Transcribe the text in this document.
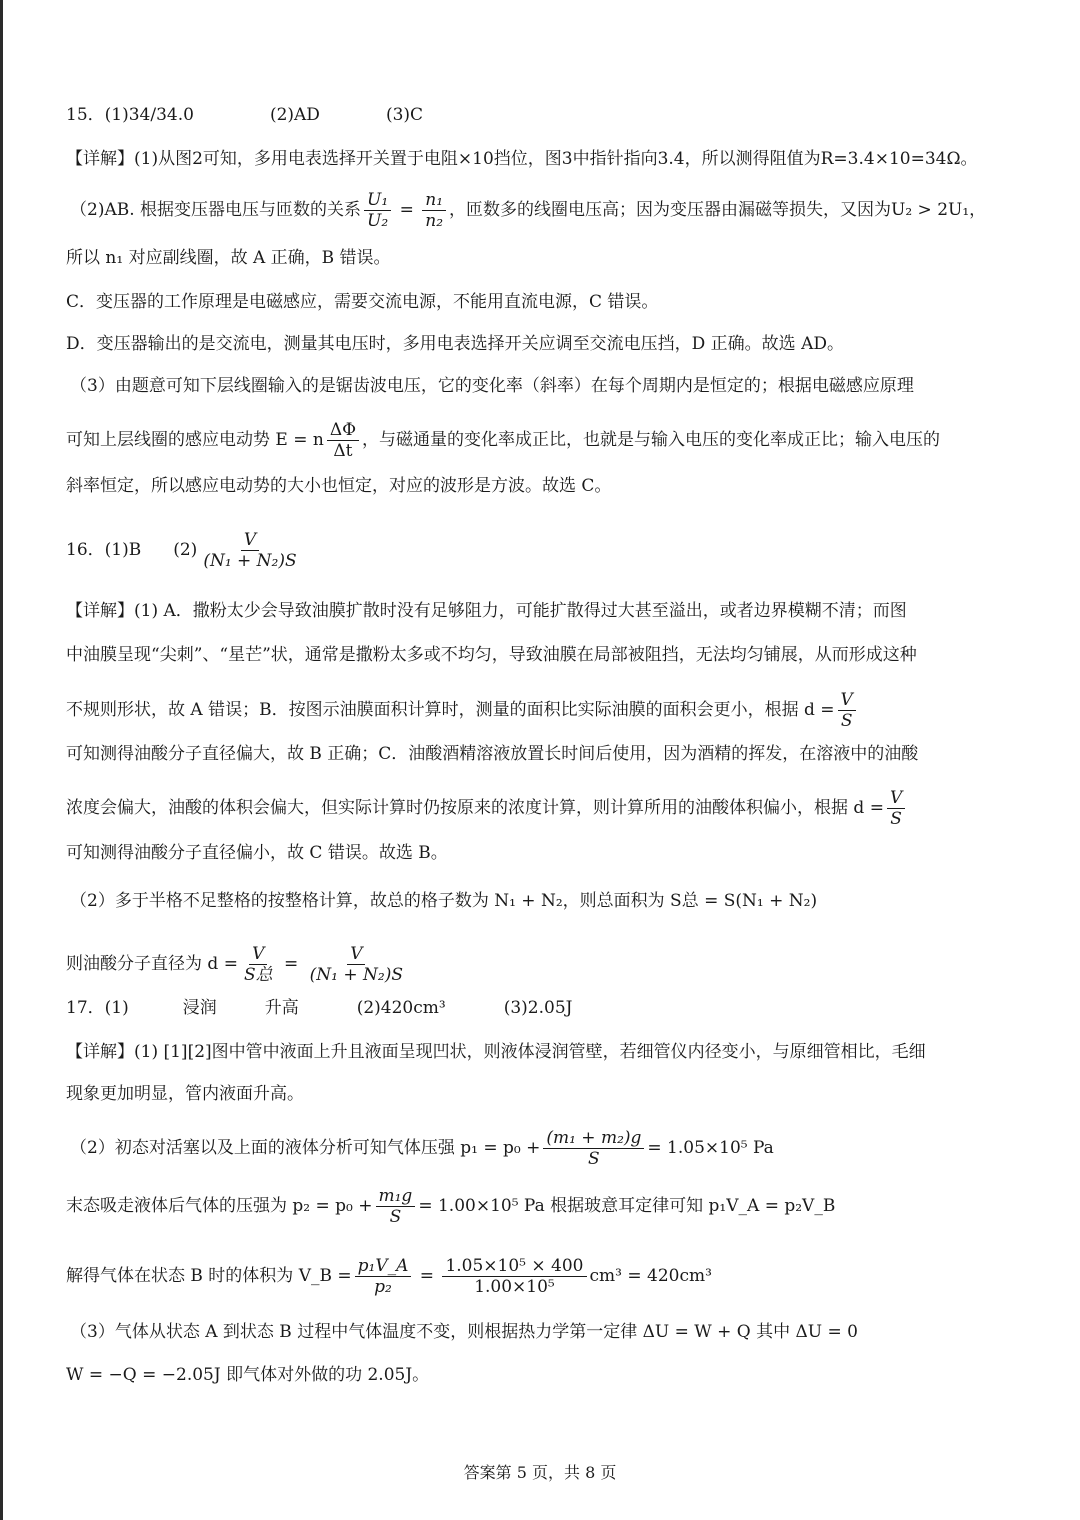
15．(1)34/34.0	(2)AD	(3)C
【详解】(1)从图2可知，多用电表选择开关置于电阻×10挡位，图3中指针指向3.4，所以测得阻值为R=3.4×10=34Ω。
（2)AB. 根据变压器电压与匝数的关系 $\frac{\text{U₁}}{\text{U₂}} = \frac{\text{n₁}}{\text{n₂}}$ ，匝数多的线圈电压高；因为变压器由漏磁等损失，又因为U₂ > 2U₁，
所以 n₁ 对应副线圈，故 A 正确，B 错误。
C．变压器的工作原理是电磁感应，需要交流电源，不能用直流电源，C 错误。
D．变压器输出的是交流电，测量其电压时，多用电表选择开关应调至交流电压挡，D 正确。故选 AD。
（3）由题意可知下层线圈输入的是锯齿波电压，它的变化率（斜率）在每个周期内是恒定的；根据电磁感应原理
可知上层线圈的感应电动势 E = n $\frac{\Delta\Phi}{\Delta t}$ ，与磁通量的变化率成正比，也就是与输入电压的变化率成正比；输入电压的
斜率恒定，所以感应电动势的大小也恒定，对应的波形是方波。故选 C。
16．(1)B $(2) \frac{V}{\text{(N₁ + N₂)S}}$
【详解】(1) A．撒粉太少会导致油膜扩散时没有足够阻力，可能扩散得过大甚至溢出，或者边界模糊不清；而图
中油膜呈现“尖刺”、“星芒”状，通常是撒粉太多或不均匀，导致油膜在局部被阻挡，无法均匀铺展，从而形成这种
不规则形状，故 A 错误；B．按图示油膜面积计算时，测量的面积比实际油膜的面积会更小，根据 $d = \frac{V}{S}$
可知测得油酸分子直径偏大，故 B 正确；C．油酸酒精溶液放置长时间后使用，因为酒精的挥发，在溶液中的油酸
浓度会偏大，油酸的体积会偏大，但实际计算时仍按原来的浓度计算，则计算所用的油酸体积偏小，根据 $d = \frac{V}{S}$
可知测得油酸分子直径偏小，故 C 错误。故选 B。
（2）多于半格不足整格的按整格计算，故总的格子数为 N₁ + N₂，则总面积为 S总 = S(N₁ + N₂)
则油酸分子直径为 $d = \frac{V}{\text{S总}} = \frac{V}{\text{(N₁ + N₂)S}}$
17．(1)	浸润	升高	(2)420cm³	(3)2.05J
【详解】(1) [1][2]图中管中液面上升且液面呈现凹状，则液体浸润管壁，若细管仪内径变小，与原细管相比，毛细
现象更加明显，管内液面升高。
（2）初态对活塞以及上面的液体分析可知气体压强 $p_1 = p_0 + \frac{\text{(m₁ + m₂)g}}{S} = 1.05\times 10^5$ Pa
末态吸走液体后气体的压强为 $p_2 = p_0 + \frac{\text{m₁g}}{S} = 1.00\times 10^5$ Pa 根据玻意耳定律可知 p₁V_A = p₂V_B
解得气体在状态 B 时的体积为 V_B = $\frac{\text{p₁V\_A}}{\text{p₂}} = \frac{\text{1.05×10⁵ × 400}}{\text{1.00×10⁵}} cm^3 = 420cm^3$
（3）气体从状态 A 到状态 B 过程中气体温度不变，则根据热力学第一定律 ΔU = W + Q 其中 ΔU = 0
W = −Q = −2.05J 即气体对外做的功 2.05J。
答案第 5 页，共 8 页
